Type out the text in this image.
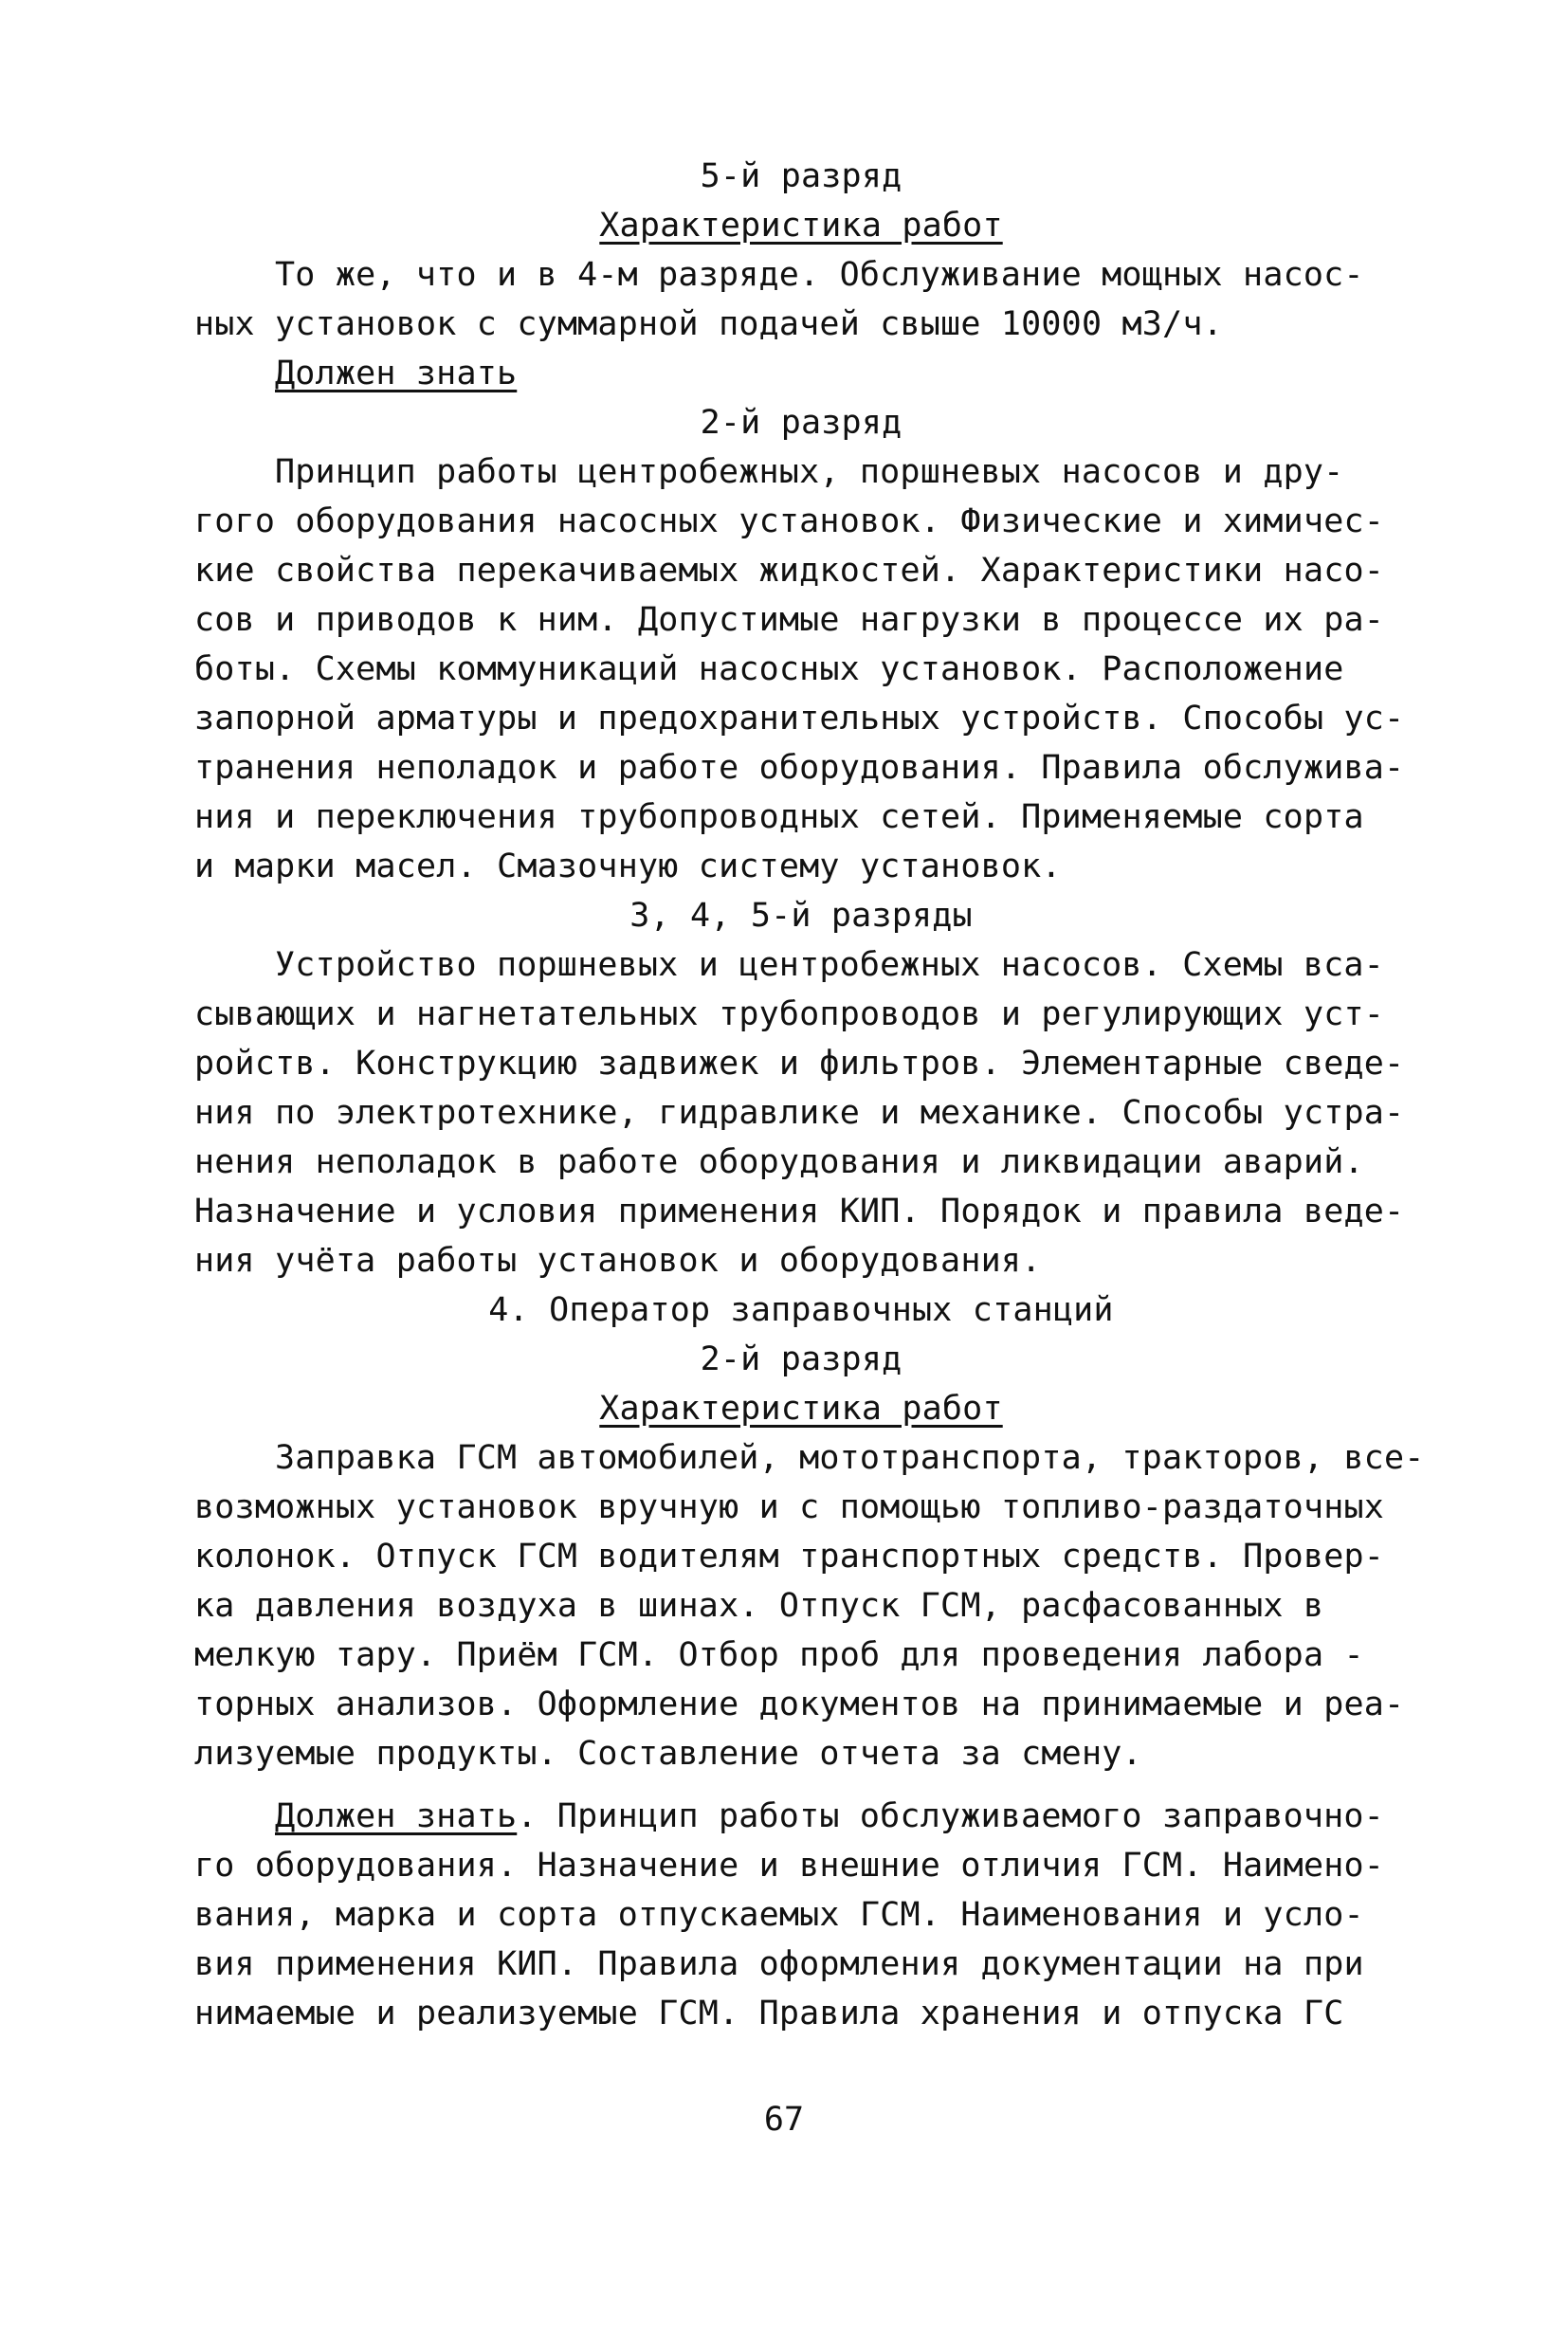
5-й разряд
Характеристика работ
То же, что и в 4-м разряде. Обслуживание мощных насос-
ных установок с суммарной подачей свыше 10000 м3/ч.
Должен знать
2-й разряд
Принцип работы центробежных, поршневых насосов и дру-
гого оборудования насосных установок. Физические и химичес-
кие свойства перекачиваемых жидкостей. Характеристики насо-
сов и приводов к ним. Допустимые нагрузки в процессе их ра-
боты. Схемы коммуникаций насосных установок. Расположение
запорной арматуры и предохранительных устройств. Способы ус-
транения неполадок и работе оборудования. Правила обслужива-
ния и переключения трубопроводных сетей. Применяемые сорта
и марки масел. Смазочную систему установок.
3, 4, 5-й разряды
Устройство поршневых и центробежных насосов. Схемы вса-
сывающих и нагнетательных трубопроводов и регулирующих уст-
ройств. Конструкцию задвижек и фильтров. Элементарные сведе-
ния по электротехнике, гидравлике и механике. Способы устра-
нения неполадок в работе оборудования и ликвидации аварий.
Назначение и условия применения КИП. Порядок и правила веде-
ния учёта работы установок и оборудования.
4. Оператор заправочных станций
2-й разряд
Характеристика работ
Заправка ГСМ автомобилей, мототранспорта, тракторов, все-
возможных установок вручную и с помощью топливо-раздаточных
колонок. Отпуск ГСМ водителям транспортных средств. Провер-
ка давления воздуха в шинах. Отпуск ГСМ, расфасованных в
мелкую тару. Приём ГСМ. Отбор проб для проведения лабора -
торных анализов. Оформление документов на принимаемые и реа-
лизуемые продукты. Составление отчета за смену.
Должен знать. Принцип работы обслуживаемого заправочно-
го оборудования. Назначение и внешние отличия ГСМ. Наимено-
вания, марка и сорта отпускаемых ГСМ. Наименования и усло-
вия применения КИП. Правила оформления документации на при
нимаемые и реализуемые ГСМ. Правила хранения и отпуска ГС
67
